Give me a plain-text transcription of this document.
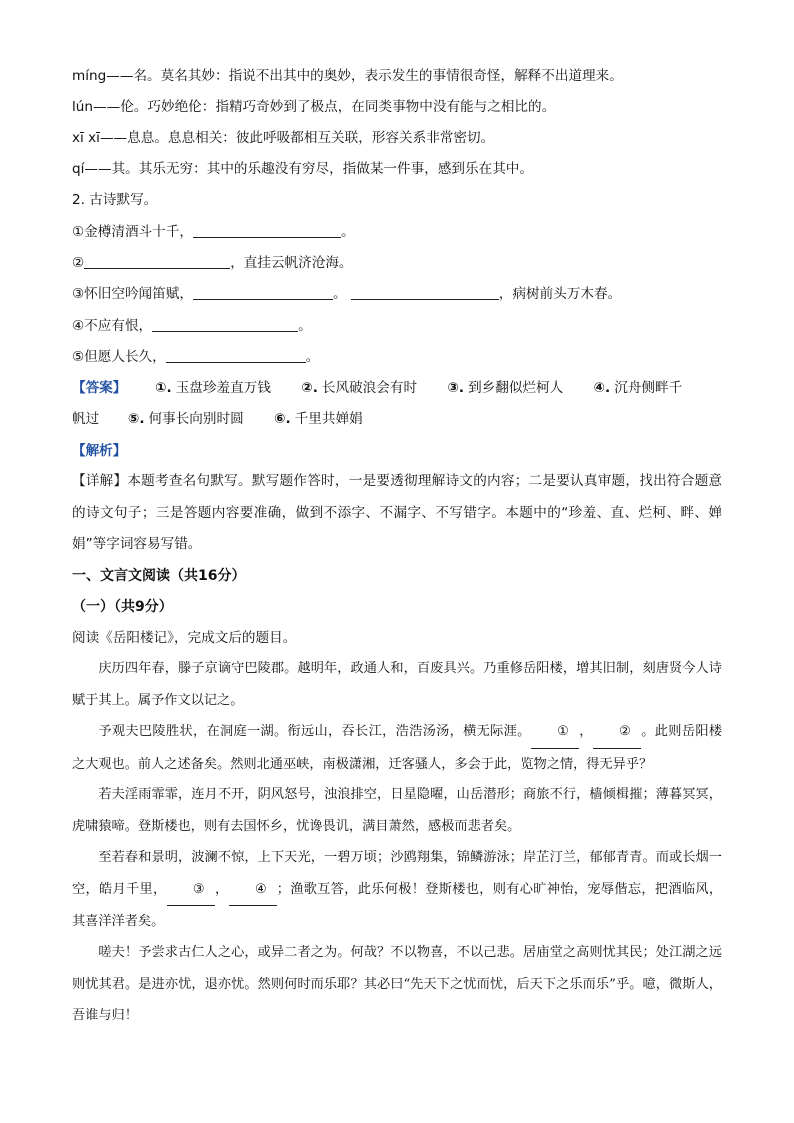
míng——名。莫名其妙：指说不出其中的奥妙，表示发生的事情很奇怪，解释不出道理来。
lún——伦。巧妙绝伦：指精巧奇妙到了极点，在同类事物中没有能与之相比的。
xī xī——息息。息息相关：彼此呼吸都相互关联，形容关系非常密切。
qí——其。其乐无穷：其中的乐趣没有穷尽，指做某一件事，感到乐在其中。
2. 古诗默写。
①金樽清酒斗十千，	。
②	，直挂云帆济沧海。
③怀旧空吟闻笛赋，	。	，病树前头万木春。
④不应有恨，	。
⑤但愿人长久，	。
【答案】 ①. 玉盘珍羞直万钱 ②. 长风破浪会有时 ③. 到乡翻似烂柯人 ④. 沉舟侧畔千
帆过 ⑤. 何事长向别时圆 ⑥. 千里共婵娟
【解析】
【详解】本题考查名句默写。默写题作答时，一是要透彻理解诗文的内容；二是要认真审题，找出符合题意的诗文句子；三是答题内容要准确，做到不添字、不漏字、不写错字。本题中的“珍羞、直、烂柯、畔、婵娟”等字词容易写错。
一、文言文阅读（共16分）
（一）（共9分）
阅读《岳阳楼记》，完成文后的题目。
庆历四年春，滕子京谪守巴陵郡。越明年，政通人和，百废具兴。乃重修岳阳楼，增其旧制，刻唐贤今人诗赋于其上。属予作文以记之。
予观夫巴陵胜状，在洞庭一湖。衔远山，吞长江，浩浩汤汤，横无际涯。 ① ， ② 。此则岳阳楼之大观也。前人之述备矣。然则北通巫峡，南极潇湘，迁客骚人，多会于此，览物之情，得无异乎？
若夫淫雨霏霏，连月不开，阴风怒号，浊浪排空，日星隐曜，山岳潜形；商旅不行，樯倾楫摧；薄暮冥冥，虎啸猿啼。登斯楼也，则有去国怀乡，忧谗畏讥，满目萧然，感极而悲者矣。
至若春和景明，波澜不惊，上下天光，一碧万顷；沙鸥翔集，锦鳞游泳；岸芷汀兰，郁郁青青。而或长烟一空，皓月千里， ③ ， ④ ；渔歌互答，此乐何极！登斯楼也，则有心旷神怡，宠辱偕忘，把酒临风，其喜洋洋者矣。
嗟夫！予尝求古仁人之心，或异二者之为。何哉？不以物喜，不以己悲。居庙堂之高则忧其民；处江湖之远则忧其君。是进亦忧，退亦忧。然则何时而乐耶？其必曰“先天下之忧而忧，后天下之乐而乐”乎。噫，微斯人，吾谁与归！
